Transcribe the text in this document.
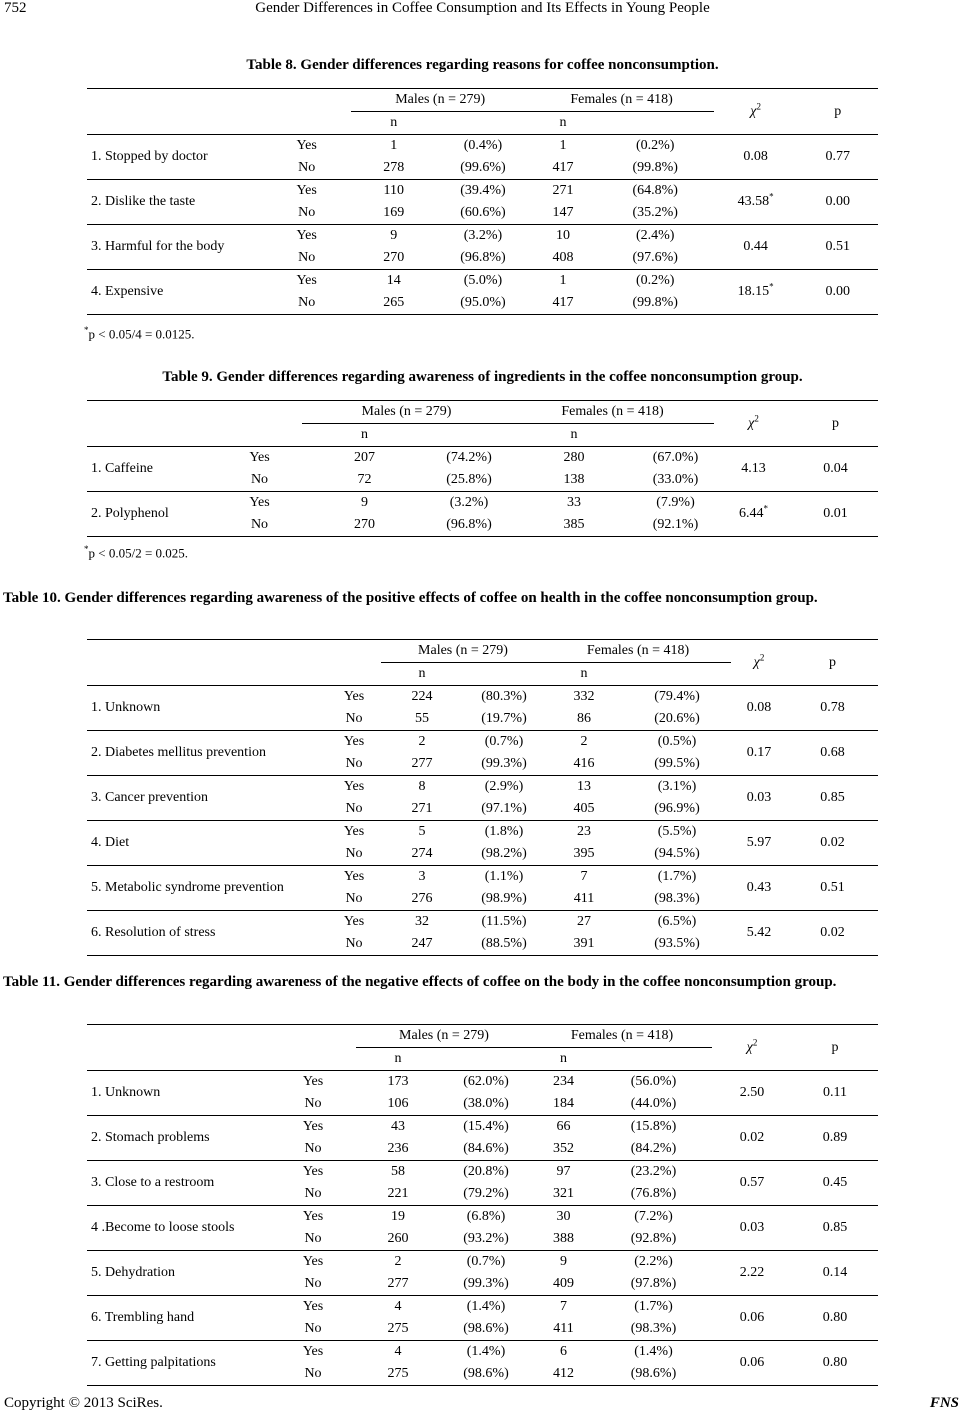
752	Gender Differences in Coffee Consumption and Its Effects in Young People
Table 8. Gender differences regarding reasons for coffee nonconsumption.
		Males (n = 279)		Females (n = 418)		$\chi^2$	p
		n		n			
1. Stopped by doctor	Yes	1	(0.4%)	1	(0.2%)	0.08	0.77
	No	278	(99.6%)	417	(99.8%)		
2. Dislike the taste	Yes	110	(39.4%)	271	(64.8%)	43.58*	0.00
	No	169	(60.6%)	147	(35.2%)		
3. Harmful for the body	Yes	9	(3.2%)	10	(2.4%)	0.44	0.51
	No	270	(96.8%)	408	(97.6%)		
4. Expensive	Yes	14	(5.0%)	1	(0.2%)	18.15*	0.00
	No	265	(95.0%)	417	(99.8%)		
*p < 0.05/4 = 0.0125.
Table 9. Gender differences regarding awareness of ingredients in the coffee nonconsumption group.
		Males (n = 279)		Females (n = 418)		$\chi^2$	p
		n		n			
1. Caffeine	Yes	207	(74.2%)	280	(67.0%)	4.13	0.04
	No	72	(25.8%)	138	(33.0%)		
2. Polyphenol	Yes	9	(3.2%)	33	(7.9%)	6.44*	0.01
	No	270	(96.8%)	385	(92.1%)		
*p < 0.05/2 = 0.025.
Table 10. Gender differences regarding awareness of the positive effects of coffee on health in the coffee nonconsumption group.
		Males (n = 279)		Females (n = 418)		$\chi^2$	p
		n		n			
1. Unknown	Yes	224	(80.3%)	332	(79.4%)	0.08	0.78
	No	55	(19.7%)	86	(20.6%)		
2. Diabetes mellitus prevention	Yes	2	(0.7%)	2	(0.5%)	0.17	0.68
	No	277	(99.3%)	416	(99.5%)		
3. Cancer prevention	Yes	8	(2.9%)	13	(3.1%)	0.03	0.85
	No	271	(97.1%)	405	(96.9%)		
4. Diet	Yes	5	(1.8%)	23	(5.5%)	5.97	0.02
	No	274	(98.2%)	395	(94.5%)		
5. Metabolic syndrome prevention	Yes	3	(1.1%)	7	(1.7%)	0.43	0.51
	No	276	(98.9%)	411	(98.3%)		
6. Resolution of stress	Yes	32	(11.5%)	27	(6.5%)	5.42	0.02
	No	247	(88.5%)	391	(93.5%)		
Table 11. Gender differences regarding awareness of the negative effects of coffee on the body in the coffee nonconsumption group.
		Males (n = 279)		Females (n = 418)		$\chi^2$	p
		n		n			
1. Unknown	Yes	173	(62.0%)	234	(56.0%)	2.50	0.11
	No	106	(38.0%)	184	(44.0%)		
2. Stomach problems	Yes	43	(15.4%)	66	(15.8%)	0.02	0.89
	No	236	(84.6%)	352	(84.2%)		
3. Close to a restroom	Yes	58	(20.8%)	97	(23.2%)	0.57	0.45
	No	221	(79.2%)	321	(76.8%)		
4 .Become to loose stools	Yes	19	(6.8%)	30	(7.2%)	0.03	0.85
	No	260	(93.2%)	388	(92.8%)		
5. Dehydration	Yes	2	(0.7%)	9	(2.2%)	2.22	0.14
	No	277	(99.3%)	409	(97.8%)		
6. Trembling hand	Yes	4	(1.4%)	7	(1.7%)	0.06	0.80
	No	275	(98.6%)	411	(98.3%)		
7. Getting palpitations	Yes	4	(1.4%)	6	(1.4%)	0.06	0.80
	No	275	(98.6%)	412	(98.6%)		
Copyright © 2013 SciRes.	FNS
